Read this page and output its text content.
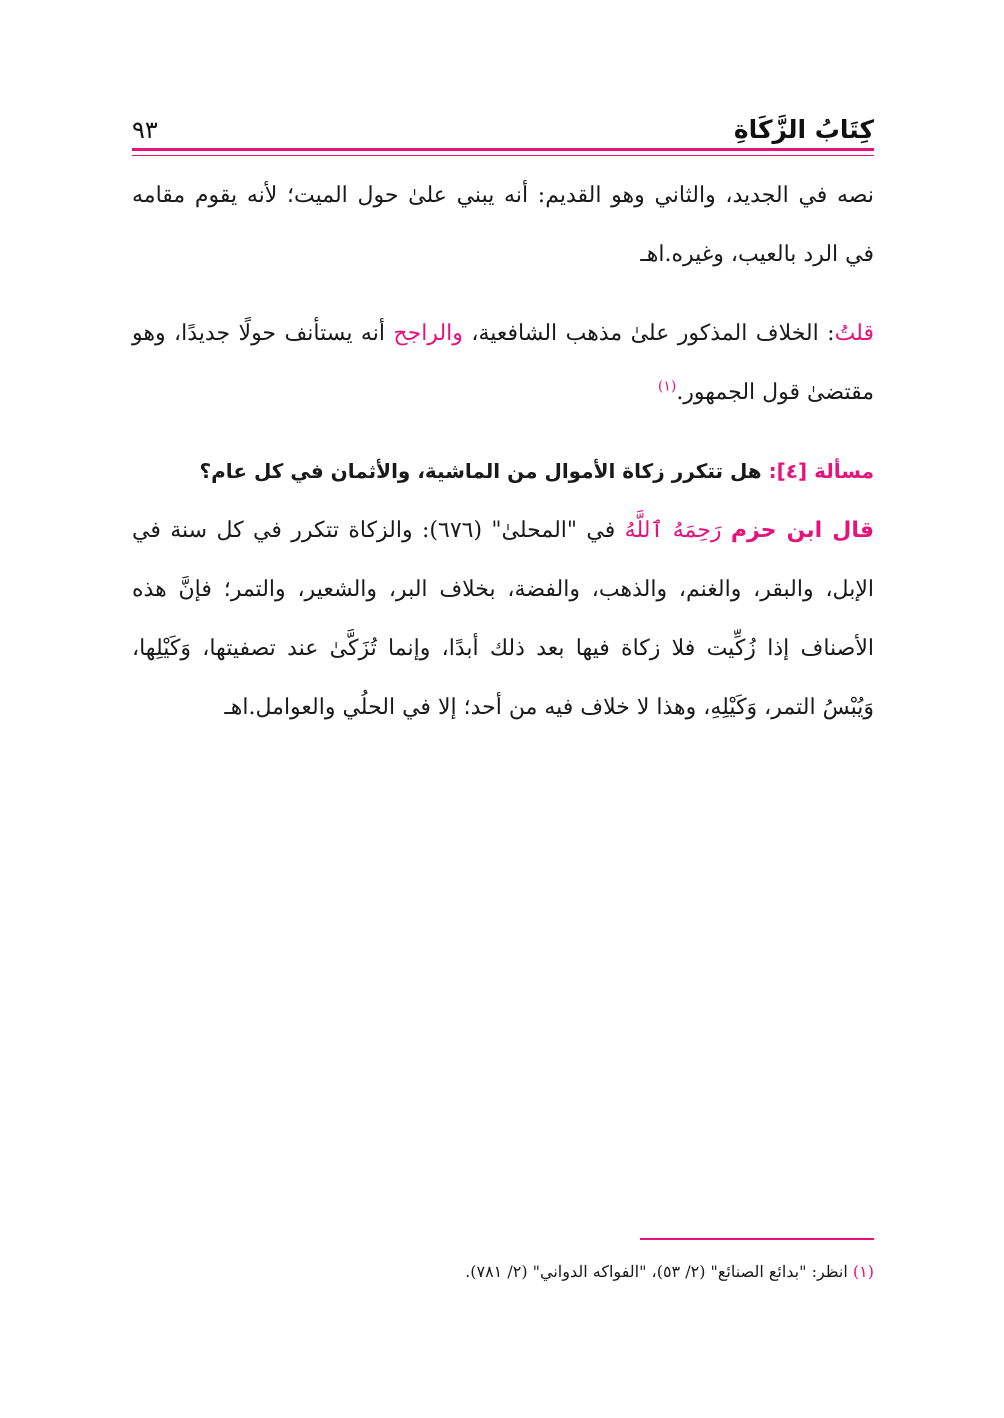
كِتَابُ الزَّكَاةِ
٩٣

نصه في الجديد، والثاني وهو القديم: أنه يبني علىٰ حول الميت؛ لأنه يقوم مقامه في الرد بالعيب، وغيره.اهـ

قلتُ: الخلاف المذكور علىٰ مذهب الشافعية، والراجح أنه يستأنف حولًا جديدًا، وهو مقتضىٰ قول الجمهور.$^{(١)}$

مسألة [٤]: هل تتكرر زكاة الأموال من الماشية، والأثمان في كل عام؟

قال ابن حزم رَحِمَهُ ٱللَّهُ في "المحلىٰ" (٦٧٦): والزكاة تتكرر في كل سنة في الإبل، والبقر، والغنم، والذهب، والفضة، بخلاف البر، والشعير، والتمر؛ فإنَّ هذه الأصناف إذا زُكِّيت فلا زكاة فيها بعد ذلك أبدًا، وإنما تُزَكَّىٰ عند تصفيتها، وَكَيْلِها، وَيُبْسُ التمر، وَكَيْلِهِ، وهذا لا خلاف فيه من أحد؛ إلا في الحلُي والعوامل.اهـ

(١) انظر: "بدائع الصنائع" (٢/ ٥٣)، "الفواكه الدواني" (٢/ ٧٨١).
